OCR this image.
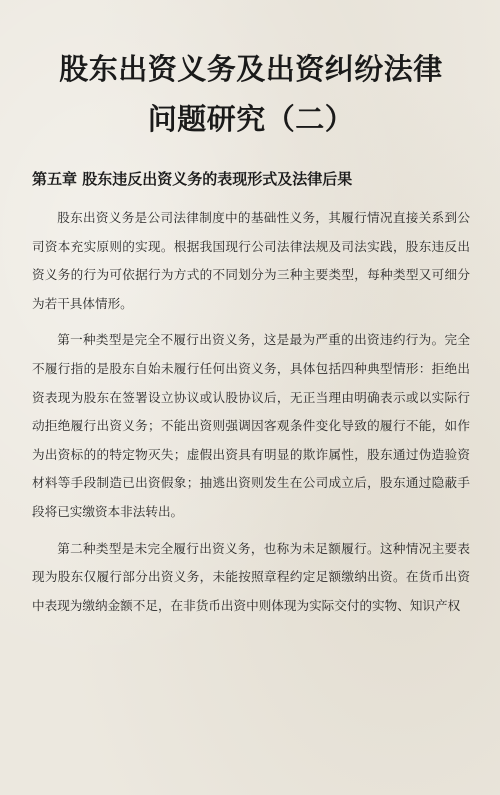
股东出资义务及出资纠纷法律
问题研究（二）
第五章 股东违反出资义务的表现形式及法律后果

股东出资义务是公司法律制度中的基础性义务，其履行情况直接关系到公司资本充实原则的实现。根据我国现行公司法律法规及司法实践，股东违反出资义务的行为可依据行为方式的不同划分为三种主要类型，每种类型又可细分为若干具体情形。

第一种类型是完全不履行出资义务，这是最为严重的出资违约行为。完全不履行指的是股东自始未履行任何出资义务，具体包括四种典型情形：拒绝出资表现为股东在签署设立协议或认股协议后，无正当理由明确表示或以实际行动拒绝履行出资义务；不能出资则强调因客观条件变化导致的履行不能，如作为出资标的的特定物灭失；虚假出资具有明显的欺诈属性，股东通过伪造验资材料等手段制造已出资假象；抽逃出资则发生在公司成立后，股东通过隐蔽手段将已实缴资本非法转出。

第二种类型是未完全履行出资义务，也称为未足额履行。这种情况主要表现为股东仅履行部分出资义务，未能按照章程约定足额缴纳出资。在货币出资中表现为缴纳金额不足，在非货币出资中则体现为实际交付的实物、知识产权
